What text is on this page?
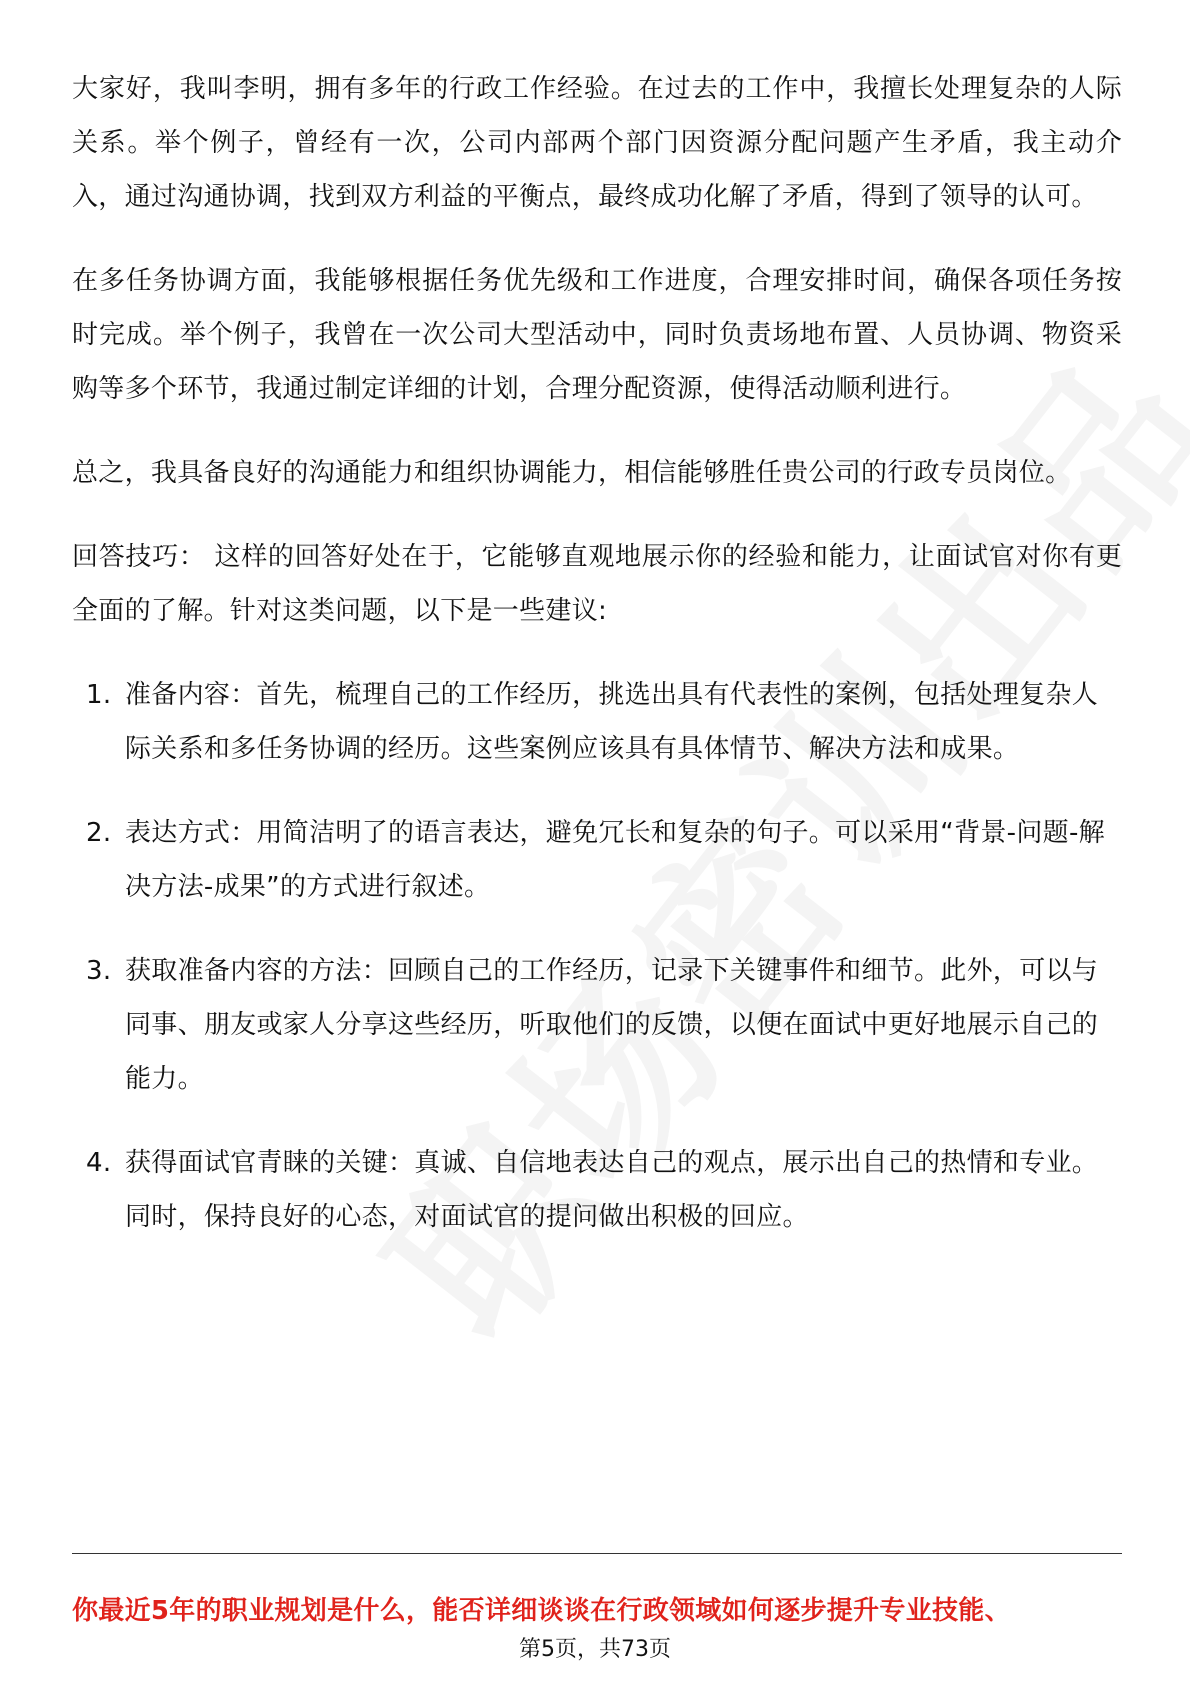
大家好，我叫李明，拥有多年的行政工作经验。在过去的工作中，我擅长处理复杂的人际关系。举个例子，曾经有一次，公司内部两个部门因资源分配问题产生矛盾，我主动介入，通过沟通协调，找到双方利益的平衡点，最终成功化解了矛盾，得到了领导的认可。

在多任务协调方面，我能够根据任务优先级和工作进度，合理安排时间，确保各项任务按时完成。举个例子，我曾在一次公司大型活动中，同时负责场地布置、人员协调、物资采购等多个环节，我通过制定详细的计划，合理分配资源，使得活动顺利进行。

总之，我具备良好的沟通能力和组织协调能力，相信能够胜任贵公司的行政专员岗位。

回答技巧： 这样的回答好处在于，它能够直观地展示你的经验和能力，让面试官对你有更全面的了解。针对这类问题，以下是一些建议:

1. 准备内容：首先，梳理自己的工作经历，挑选出具有代表性的案例，包括处理复杂人际关系和多任务协调的经历。这些案例应该具有具体情节、解决方法和成果。
2. 表达方式：用简洁明了的语言表达，避免冗长和复杂的句子。可以采用“背景-问题-解决方法-成果”的方式进行叙述。
3. 获取准备内容的方法：回顾自己的工作经历，记录下关键事件和细节。此外，可以与同事、朋友或家人分享这些经历，听取他们的反馈，以便在面试中更好地展示自己的能力。
4. 获得面试官青睐的关键：真诚、自信地表达自己的观点，展示出自己的热情和专业。同时，保持良好的心态，对面试官的提问做出积极的回应。
你最近5年的职业规划是什么，能否详细谈谈在行政领域如何逐步提升专业技能、
第5页，共73页
